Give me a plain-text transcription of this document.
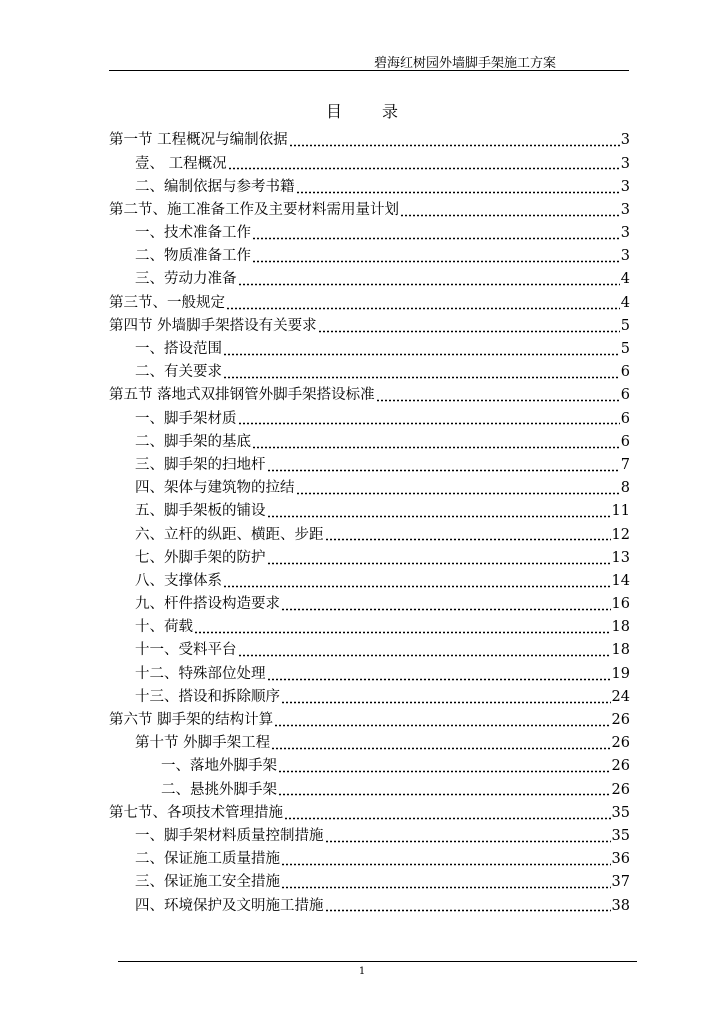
碧海红树园外墙脚手架施工方案
目	录
第一节 工程概况与编制依据	3
壹、 工程概况	3
二、编制依据与参考书籍	3
第二节、施工准备工作及主要材料需用量计划	3
一、技术准备工作	3
二、物质准备工作	3
三、劳动力准备	4
第三节、一般规定	4
第四节 外墙脚手架搭设有关要求	5
一、搭设范围	5
二、有关要求	6
第五节 落地式双排钢管外脚手架搭设标准	6
一、脚手架材质	6
二、脚手架的基底	6
三、脚手架的扫地杆	7
四、架体与建筑物的拉结	8
五、脚手架板的铺设	11
六、立杆的纵距、横距、步距	12
七、外脚手架的防护	13
八、支撑体系	14
九、杆件搭设构造要求	16
十、荷载	18
十一、受料平台	18
十二、特殊部位处理	19
十三、搭设和拆除顺序	24
第六节 脚手架的结构计算	26
第十节 外脚手架工程	26
一、落地外脚手架	26
二、悬挑外脚手架	26
第七节、各项技术管理措施	35
一、脚手架材料质量控制措施	35
二、保证施工质量措施	36
三、保证施工安全措施	37
四、环境保护及文明施工措施	38
1
